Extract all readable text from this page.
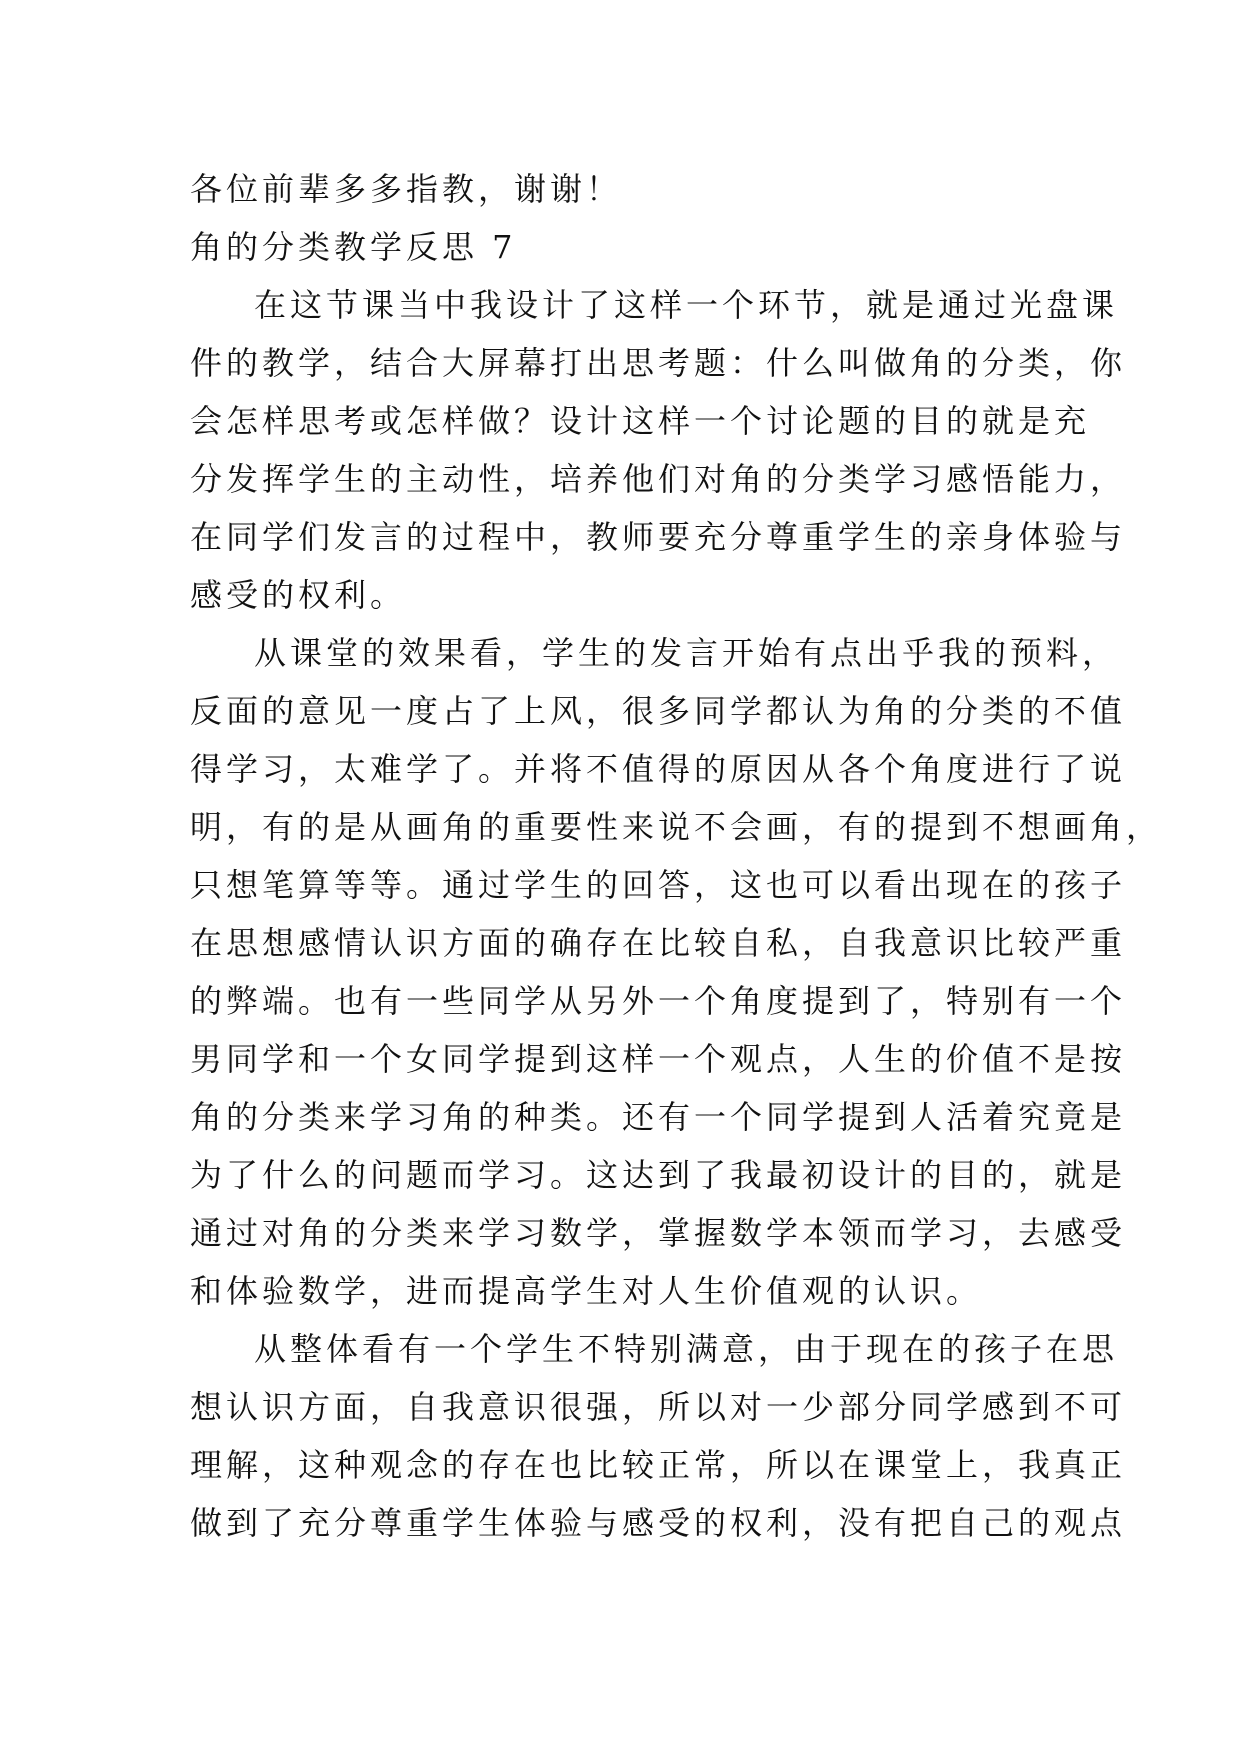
各位前辈多多指教，谢谢！
角的分类教学反思 7
在这节课当中我设计了这样一个环节，就是通过光盘课
件的教学，结合大屏幕打出思考题：什么叫做角的分类，你
会怎样思考或怎样做？设计这样一个讨论题的目的就是充
分发挥学生的主动性，培养他们对角的分类学习感悟能力，
在同学们发言的过程中，教师要充分尊重学生的亲身体验与
感受的权利。
从课堂的效果看，学生的发言开始有点出乎我的预料，
反面的意见一度占了上风，很多同学都认为角的分类的不值
得学习，太难学了。并将不值得的原因从各个角度进行了说
明，有的是从画角的重要性来说不会画，有的提到不想画角，
只想笔算等等。通过学生的回答，这也可以看出现在的孩子
在思想感情认识方面的确存在比较自私，自我意识比较严重
的弊端。也有一些同学从另外一个角度提到了，特别有一个
男同学和一个女同学提到这样一个观点，人生的价值不是按
角的分类来学习角的种类。还有一个同学提到人活着究竟是
为了什么的问题而学习。这达到了我最初设计的目的，就是
通过对角的分类来学习数学，掌握数学本领而学习，去感受
和体验数学，进而提高学生对人生价值观的认识。
从整体看有一个学生不特别满意，由于现在的孩子在思
想认识方面，自我意识很强，所以对一少部分同学感到不可
理解，这种观念的存在也比较正常，所以在课堂上，我真正
做到了充分尊重学生体验与感受的权利，没有把自己的观点
